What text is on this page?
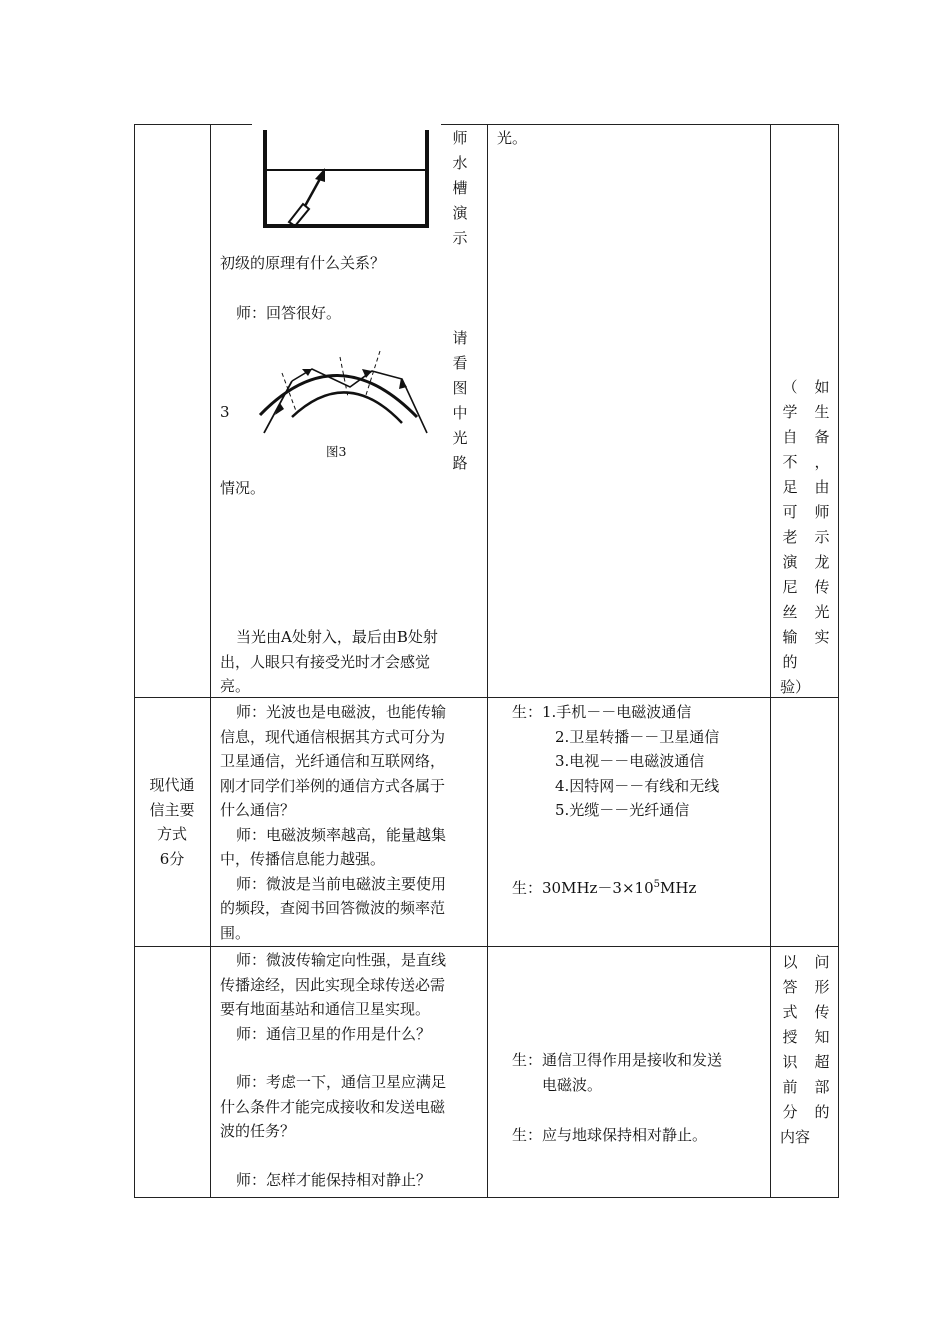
师
水
槽
演
示
初级的原理有什么关系？
师：回答很好。
请
看
图
中
光
路
3
图3
情况。
当光由A处射入，最后由B处射
出，人眼只有接受光时才会感觉
亮。
光。
（
学
自
不
足
可
老
演
尼
丝
输
的
验）
如
生
备
，
由
师
示
龙
传
光
实
现代通
信主要
方式
6分
师：光波也是电磁波，也能传输
信息，现代通信根据其方式可分为
卫星通信，光纤通信和互联网络，
刚才同学们举例的通信方式各属于
什么通信？
师：电磁波频率越高，能量越集
中，传播信息能力越强。
师：微波是当前电磁波主要使用
的频段，查阅书回答微波的频率范
围。
生：1.手机－－电磁波通信
2.卫星转播－－卫星通信
3.电视－－电磁波通信
4.因特网－－有线和无线
5.光缆－－光纤通信
生：$30MHz-3\times 10^5MHz$
师：微波传输定向性强，是直线
传播途经，因此实现全球传送必需
要有地面基站和通信卫星实现。
师：通信卫星的作用是什么？
师：考虑一下，通信卫星应满足
什么条件才能完成接收和发送电磁
波的任务？
师：怎样才能保持相对静止？
生：通信卫得作用是接收和发送
电磁波。
生：应与地球保持相对静止。
以
答
式
授
识
前
分
内容
问
形
传
知
超
部
的
